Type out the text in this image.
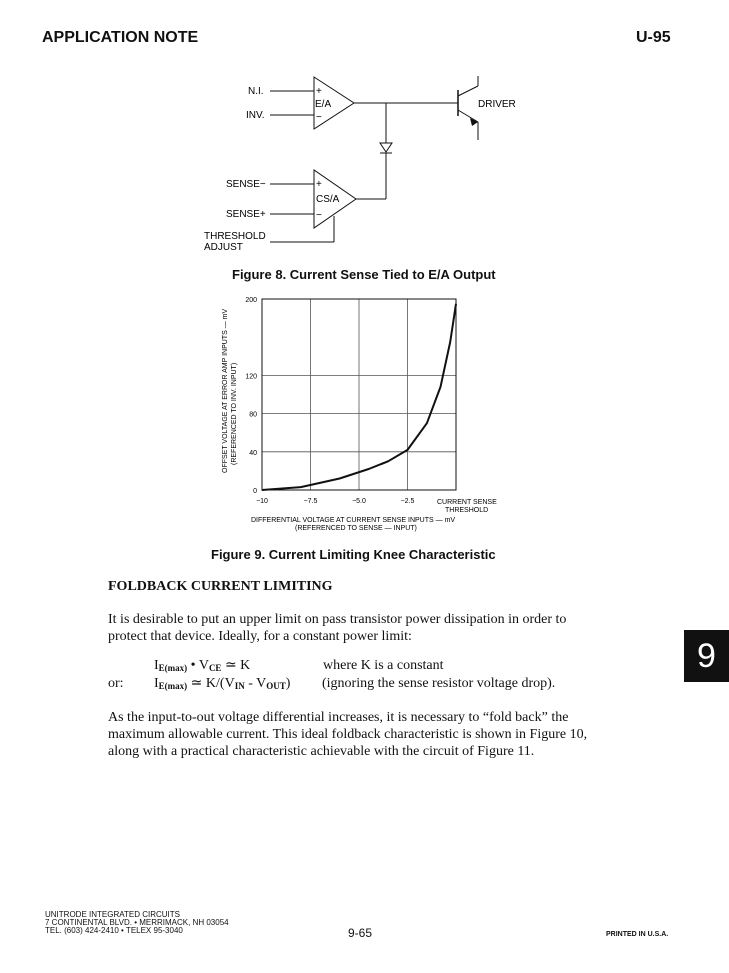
APPLICATION NOTE	U-95
N.I.
INV.
+
−
E/A	DRIVER
SENSE−
SENSE+
+
−
CS/A
THRESHOLD
ADJUST
Figure 8. Current Sense Tied to E/A Output
−10	−7.5	−5.0	−2.5
0
40
80
120
200
OFFSET VOLTAGE AT ERROR AMP INPUTS — mV (REFERENCED TO INV. INPUT)
CURRENT SENSE
THRESHOLD
DIFFERENTIAL VOLTAGE AT CURRENT SENSE INPUTS — mV
(REFERENCED TO SENSE — INPUT)
Figure 9. Current Limiting Knee Characteristic
FOLDBACK CURRENT LIMITING
It is desirable to put an upper limit on pass transistor power dissipation in order to protect that device. Ideally, for a constant power limit:
$I_{E(max)}$ • $V_{CE}$ ≃ K	where K is a constant
or: $I_{E(max)}$ ≃ $K/(V_{IN} - V_{OUT})$ (ignoring the sense resistor voltage drop).
As the input-to-out voltage differential increases, it is necessary to “fold back” the maximum allowable current. This ideal foldback characteristic is shown in Figure 10, along with a practical characteristic achievable with the circuit of Figure 11.
9
UNITRODE INTEGRATED CIRCUITS
7 CONTINENTAL BLVD. • MERRIMACK, NH 03054
TEL. (603) 424-2410 • TELEX 95-3040	9-65	PRINTED IN U.S.A.
